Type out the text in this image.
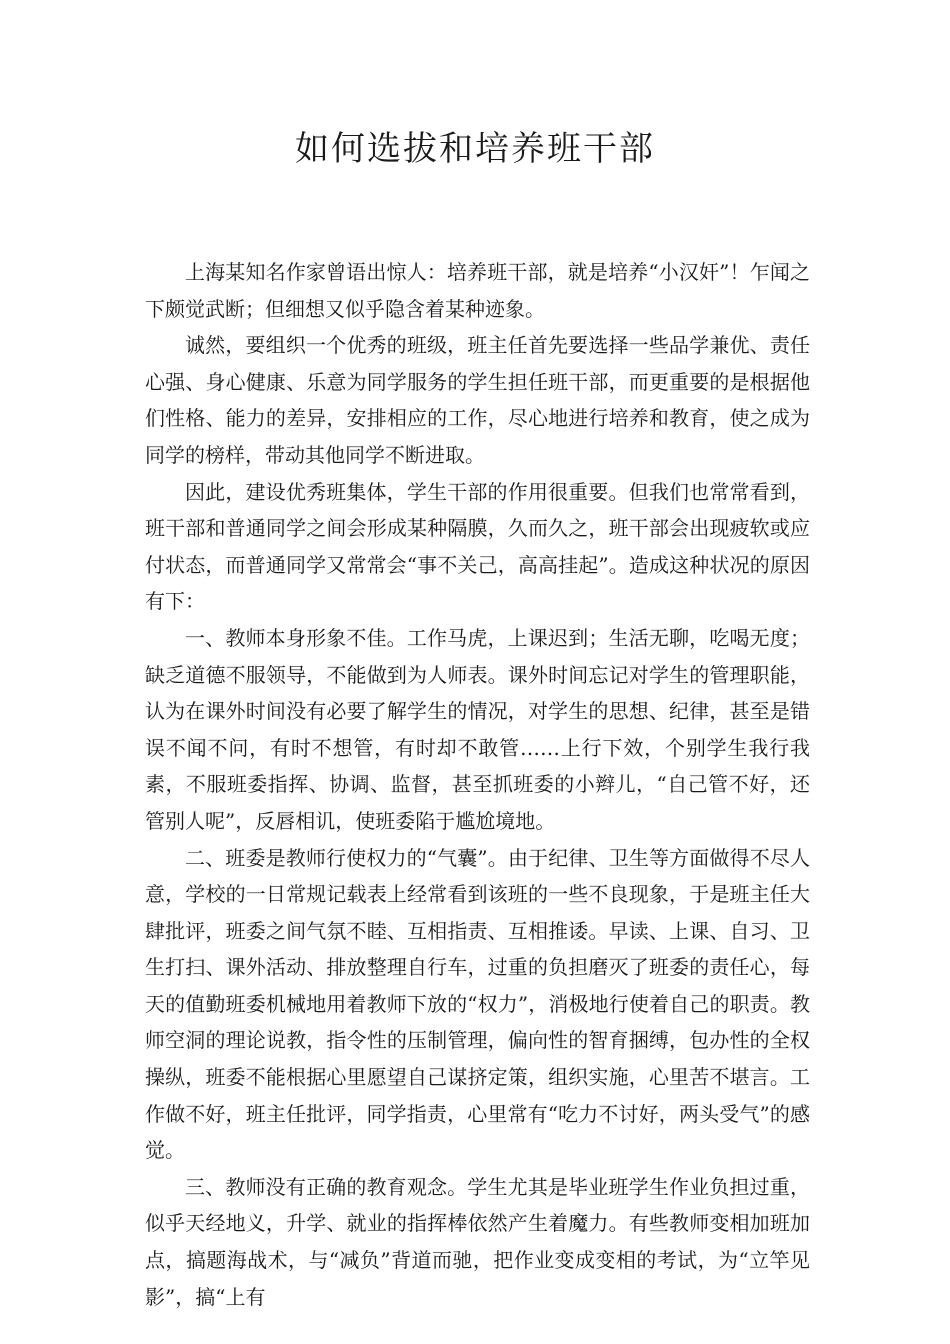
如何选拔和培养班干部

上海某知名作家曾语出惊人：培养班干部，就是培养“小汉奸”！乍闻之下颇觉武断；但细想又似乎隐含着某种迹象。

诚然，要组织一个优秀的班级，班主任首先要选择一些品学兼优、责任心强、身心健康、乐意为同学服务的学生担任班干部，而更重要的是根据他们性格、能力的差异，安排相应的工作，尽心地进行培养和教育，使之成为同学的榜样，带动其他同学不断进取。

因此，建设优秀班集体，学生干部的作用很重要。但我们也常常看到，班干部和普通同学之间会形成某种隔膜，久而久之，班干部会出现疲软或应付状态，而普通同学又常常会“事不关己，高高挂起”。造成这种状况的原因有下：

一、教师本身形象不佳。工作马虎，上课迟到；生活无聊，吃喝无度；缺乏道德不服领导，不能做到为人师表。课外时间忘记对学生的管理职能，认为在课外时间没有必要了解学生的情况，对学生的思想、纪律，甚至是错误不闻不问，有时不想管，有时却不敢管……上行下效，个别学生我行我素，不服班委指挥、协调、监督，甚至抓班委的小辫儿，“自己管不好，还管别人呢”，反唇相讥，使班委陷于尴尬境地。

二、班委是教师行使权力的“气囊”。由于纪律、卫生等方面做得不尽人意，学校的一日常规记载表上经常看到该班的一些不良现象，于是班主任大肆批评，班委之间气氛不睦、互相指责、互相推诿。早读、上课、自习、卫生打扫、课外活动、排放整理自行车，过重的负担磨灭了班委的责任心，每天的值勤班委机械地用着教师下放的“权力”，消极地行使着自己的职责。教师空洞的理论说教，指令性的压制管理，偏向性的智育捆缚，包办性的全权操纵，班委不能根据心里愿望自己谋挤定策，组织实施，心里苦不堪言。工作做不好，班主任批评，同学指责，心里常有“吃力不讨好，两头受气”的感觉。

三、教师没有正确的教育观念。学生尤其是毕业班学生作业负担过重，似乎天经地义，升学、就业的指挥棒依然产生着魔力。有些教师变相加班加点，搞题海战术，与“减负”背道而驰，把作业变成变相的考试，为“立竿见影”，搞“上有
